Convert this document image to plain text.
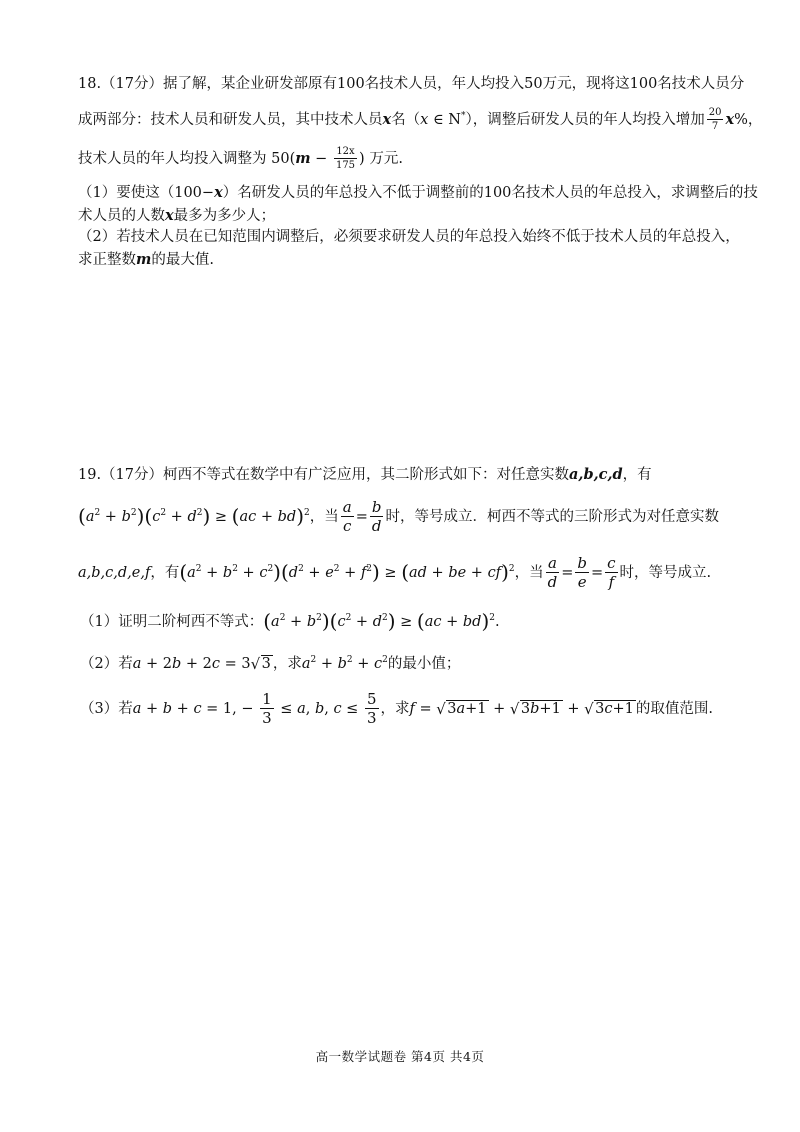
18.（17分）据了解，某企业研发部原有100名技术人员，年人均投入50万元，现将这100名技术人员分
成两部分：技术人员和研发人员，其中技术人员x名（x ∈ N*），调整后研发人员的年人均投入增加 $\frac{20}{7} x\%$，
技术人员的年人均投入调整为 $50(m - \frac{12x}{175}$ ) 万元.
（1）要使这（100−x）名研发人员的年总投入不低于调整前的100名技术人员的年总投入，求调整后的技
术人员的人数x最多为多少人；
（2）若技术人员在已知范围内调整后，必须要求研发人员的年总投入始终不低于技术人员的年总投入，
求正整数m的最大值.
19.（17分）柯西不等式在数学中有广泛应用，其二阶形式如下：对任意实数a,b,c,d，有
$(a^2 + b^2)(c^2 + d^2) \ge (ac + bd)^2$，当 $\frac{a}{c} = \frac{b}{d}$ 时，等号成立．柯西不等式的三阶形式为对任意实数
a,b,c,d,e,f，有$(a^2 + b^2 + c^2)(d^2 + e^2 + f^2) \ge (ad$ + be + cf)$^2$，当 $\frac{a}{d} = \frac{b}{e} = \frac{c}{f}$ 时，等号成立.
（1）证明二阶柯西不等式：$(a^2 + b^2)(c^2 + d^2) \ge (ac + bd)^2$.
（2）若a + 2b + 2c = 3√ 3 ，求$a^2 + b^2 + c^2$的最小值；
（3）若a + b + c = 1, − $\frac{1}{3} \le a$, b, $c \le \frac{5}{3}$ ，求f = √ 3a+1 + √ 3b+1 + √ 3c+1 的取值范围.
高一数学试题卷 第4页 共4页
